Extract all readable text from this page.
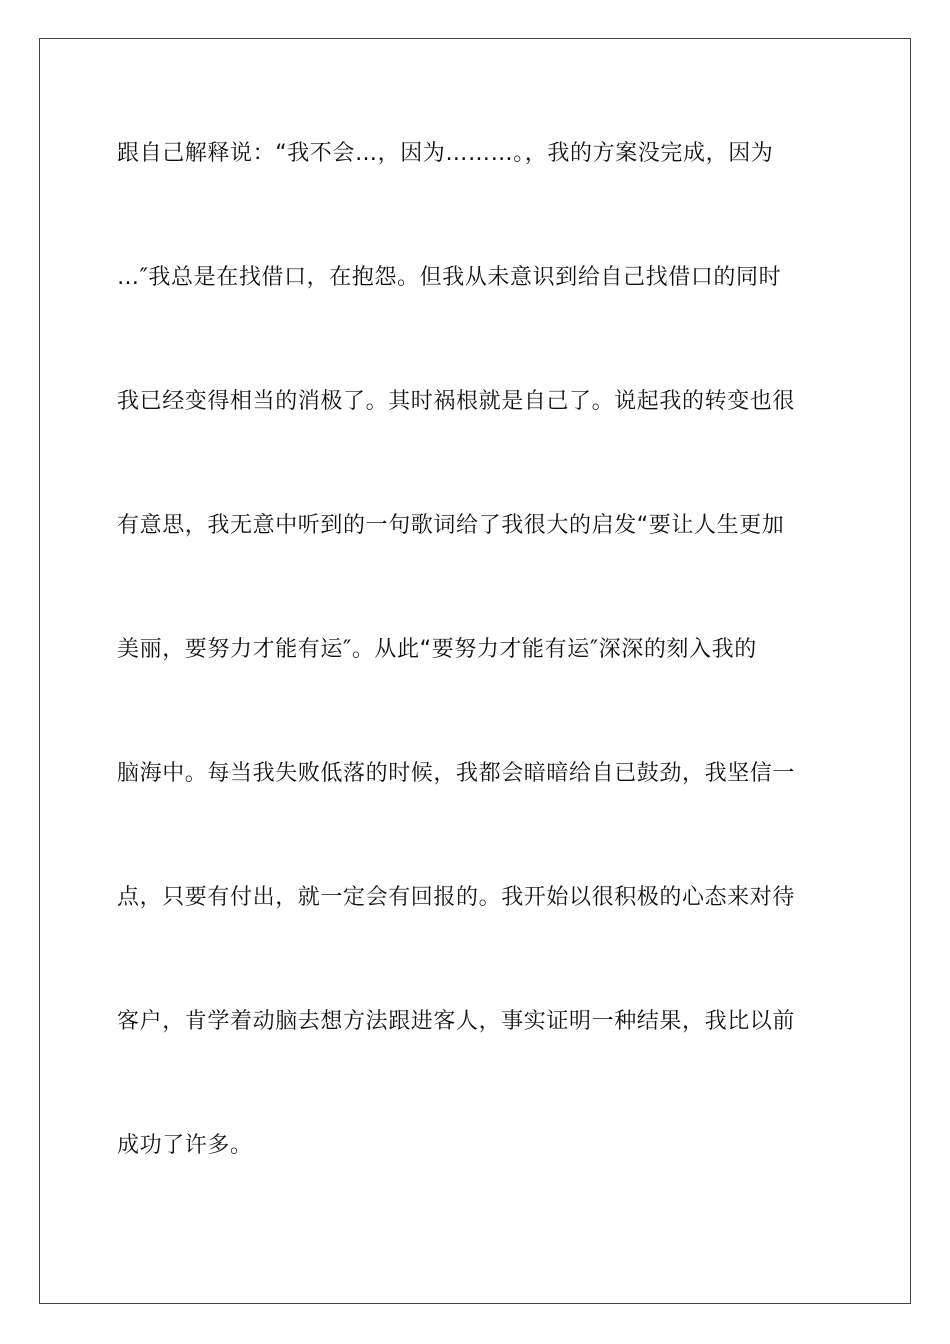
跟自己解释说：“我不会…，因为………。，我的方案没完成，因为

…″我总是在找借口，在抱怨。但我从未意识到给自己找借口的同时

我已经变得相当的消极了。其时祸根就是自己了。说起我的转变也很

有意思，我无意中听到的一句歌词给了我很大的启发“要让人生更加

美丽，要努力才能有运″。从此“要努力才能有运″深深的刻入我的

脑海中。每当我失败低落的时候，我都会暗暗给自已鼓劲，我坚信一

点，只要有付出，就一定会有回报的。我开始以很积极的心态来对待

客户，肯学着动脑去想方法跟进客人，事实证明一种结果，我比以前

成功了许多。
